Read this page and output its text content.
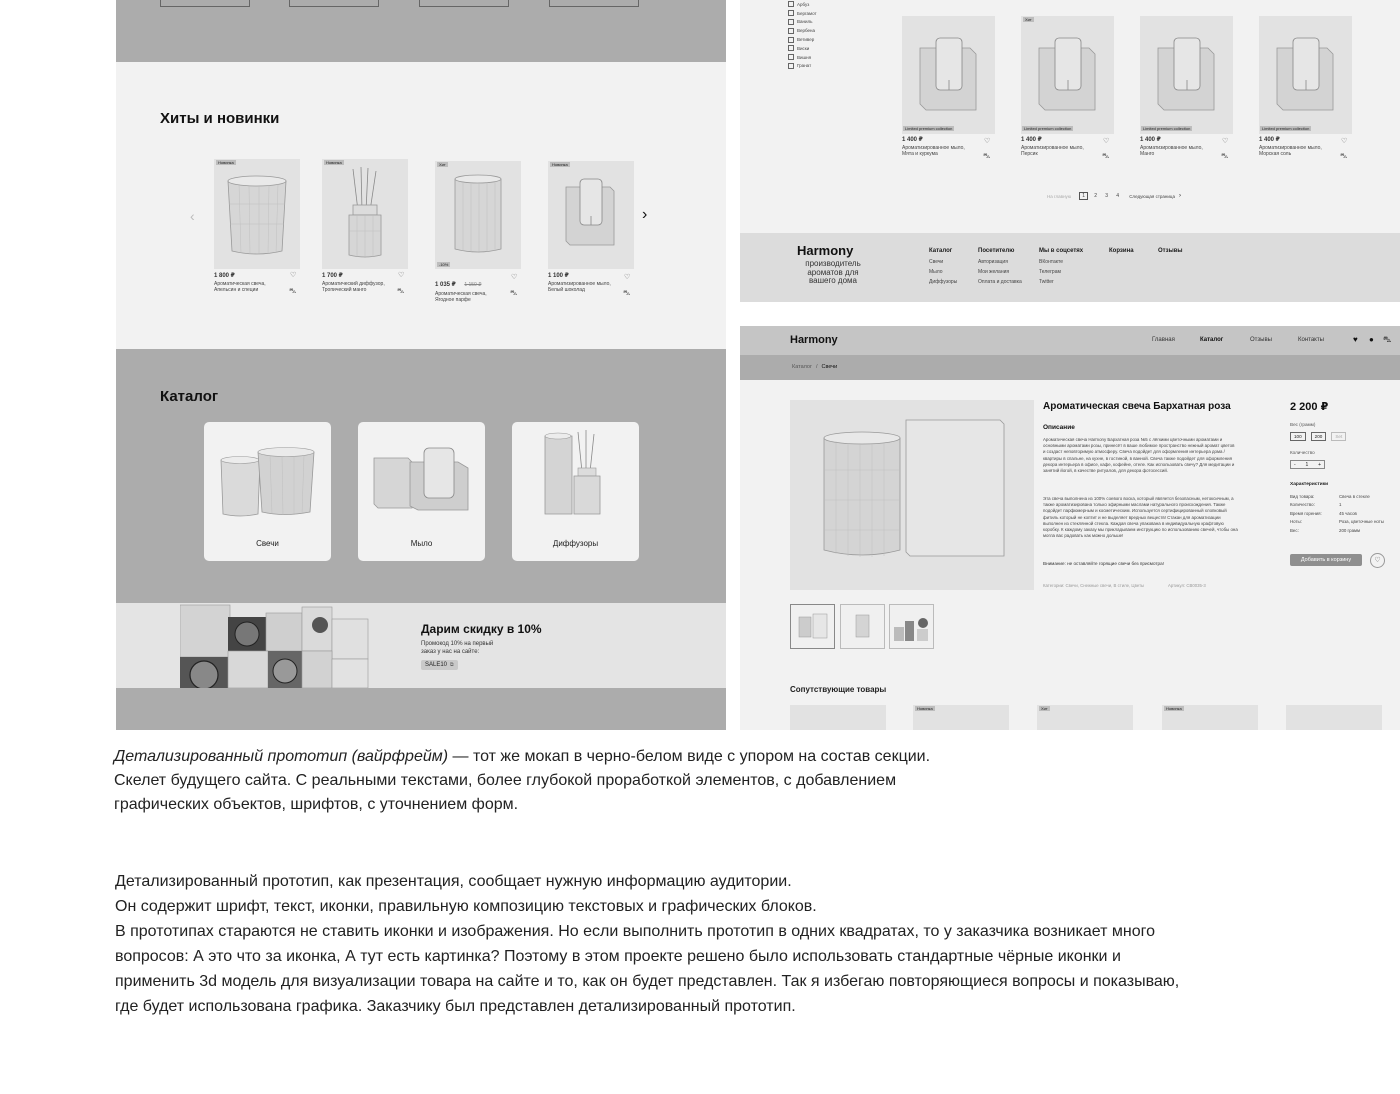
Хиты и новинки
‹	›
Новинка
1 800 ₽
Ароматическая свеча,
Апельсин и специи
♡
⛍
Новинка
1 700 ₽
Ароматический диффузор,
Тропический манго
♡
⛍
Хит
-10%
1 035 ₽ 1 150 ₽
Ароматическая свеча,
Ягодное парфе
♡
⛍
Новинка
1 100 ₽
Ароматизированное мыло,
Белый шоколад
♡
⛍
Каталог
Свечи	Мыло	Диффузоры
Дарим скидку в 10%
Промокод 10% на первый
заказ у нас на сайте:
SALE10 ⧉
Арбуз
Бергамот
Ваниль
Вербена
Ветивер
Виски
Вишня
Гранат
Limited premium collection
1 400 ₽
Ароматизированное мыло,
Мята и куркума
♡
⛍
Хит
Limited premium collection
1 400 ₽
Ароматизированное мыло,
Персик
♡
⛍
Limited premium collection
1 400 ₽
Ароматизированное мыло,
Манго
♡
⛍
Limited premium collection
1 400 ₽
Ароматизированное мыло,
Морская соль
♡
⛍
На главную	1	2	3	4	Следующая страница ›
Harmony
производитель
ароматов для
вашего дома
Каталог
Свечи
Мыло
Диффузоры
Посетителю
Авторизация
Мои желания
Оплата и доставка
Мы в соцсетях
ВКонтакте
Телеграм
Twitter
Корзина	Отзывы
Harmony	Главная	Каталог	Отзывы	Контакты	♥ ● ⛍
Каталог / Свечи
Ароматическая свеча Бархатная роза	2 200 ₽
Описание
Ароматическая свеча Harmony Бархатная роза №5 с лёгкими цветочными ароматами и основными ароматами розы, принесёт в ваше любимое пространство нежный аромат цветов и создаст неповторимую атмосферу. Свеча подойдет для оформления интерьера дома / квартиры в спальне, на кухне, в гостиной, в ванной. Свеча также подойдет для оформления декора интерьера в офисе, кафе, кофейне, отеле. Как использовать свечу? Для медитации и занятий йогой, в качестве ритуалов, для декора фотосессий.
Эта свеча выполнена из 100% соевого воска, который является безопасным, нетоксичным, а также ароматизирована только эфирными маслами натурального происхождения. Также подойдет парфюмерным и косметическим. Используется сертифицированный хлопковый фитиль который не коптит и не выделяет вредных веществ! Стакан для ароматизации выполнен из стеклянной стекла. Каждая свеча упакована в индивидуальную крафтовую коробку. К каждому заказу мы прикладываем инструкцию по использованию свечей, чтобы она могла вас радовать как можно дольше!
Внимание: не оставляйте горящие свечи без присмотра!
Категории: Свечи, Снежные свечи, В стиле, Цветы	Артикул: СВ0035-3
Вес (грамм)
100	200	Set
Количество
- 1 +
Характеристики
Вид товара:	Свеча в стекле
Количество:	1
Время горения:	45 часов
Ноты:	Роза, цветочные ноты
Вес:	200 грамм
Добавить в корзину	♡
Сопутствующие товары
Новинка	Хит	Новинка
Детализированный прототип (вайрфрейм) — тот же мокап в черно-белом виде с упором на состав секции.
Скелет будущего сайта. С реальными текстами, более глубокой проработкой элементов, с добавлением
графических объектов, шрифтов, с уточнением форм.
Детализированный прототип, как презентация, сообщает нужную информацию аудитории.
Он содержит шрифт, текст, иконки, правильную композицию текстовых и графических блоков.
В прототипах стараются не ставить иконки и изображения. Но если выполнить прототип в одних квадратах, то у заказчика возникает много
вопросов: А это что за иконка, А тут есть картинка? Поэтому в этом проекте решено было использовать стандартные чёрные иконки и
применить 3d модель для визуализации товара на сайте и то, как он будет представлен. Так я избегаю повторяющиеся вопросы и показываю,
где будет использована графика. Заказчику был представлен детализированный прототип.
